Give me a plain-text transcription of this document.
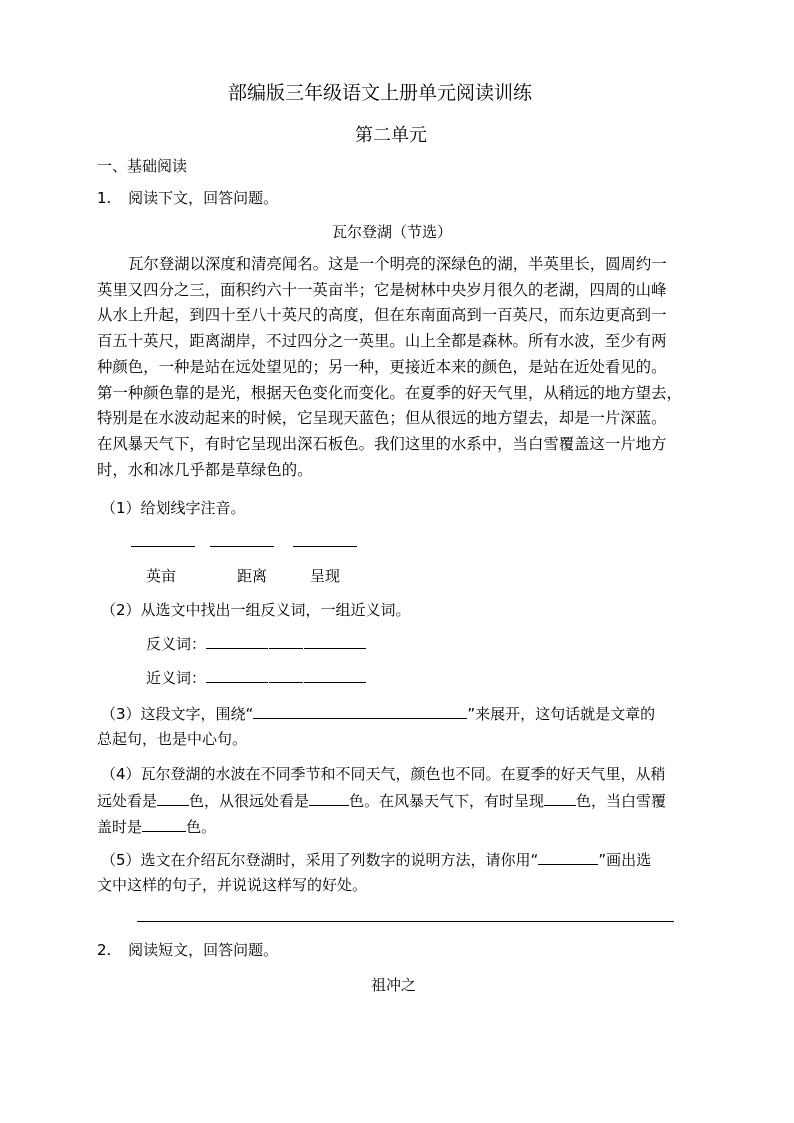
部编版三年级语文上册单元阅读训练
第二单元
一、基础阅读
1. 阅读下文，回答问题。
瓦尔登湖（节选）
瓦尔登湖以深度和清亮闻名。这是一个明亮的深绿色的湖，半英里长，圆周约一
英里又四分之三，面积约六十一英亩半；它是树林中央岁月很久的老湖，四周的山峰
从水上升起，到四十至八十英尺的高度，但在东南面高到一百英尺，而东边更高到一
百五十英尺，距离湖岸，不过四分之一英里。山上全都是森林。所有水波，至少有两
种颜色，一种是站在远处望见的；另一种，更接近本来的颜色，是站在近处看见的。
第一种颜色靠的是光，根据天色变化而变化。在夏季的好天气里，从稍远的地方望去，
特别是在水波动起来的时候，它呈现天蓝色；但从很远的地方望去，却是一片深蓝。
在风暴天气下，有时它呈现出深石板色。我们这里的水系中，当白雪覆盖这一片地方
时，水和冰几乎都是草绿色的。
（1）给划线字注音。
英亩	距离	呈现
（2）从选文中找出一组反义词，一组近义词。
反义词：
近义词：
（3）这段文字，围绕“	”来展开，这句话就是文章的
总起句，也是中心句。
（4）瓦尔登湖的水波在不同季节和不同天气，颜色也不同。在夏季的好天气里，从稍
远处看是 色，从很远处看是	色。在风暴天气下，有时呈现 色，当白雪覆
盖时是	色。
（5）选文在介绍瓦尔登湖时，采用了列数字的说明方法，请你用“	”画出选
文中这样的句子，并说说这样写的好处。
2. 阅读短文，回答问题。
祖冲之
